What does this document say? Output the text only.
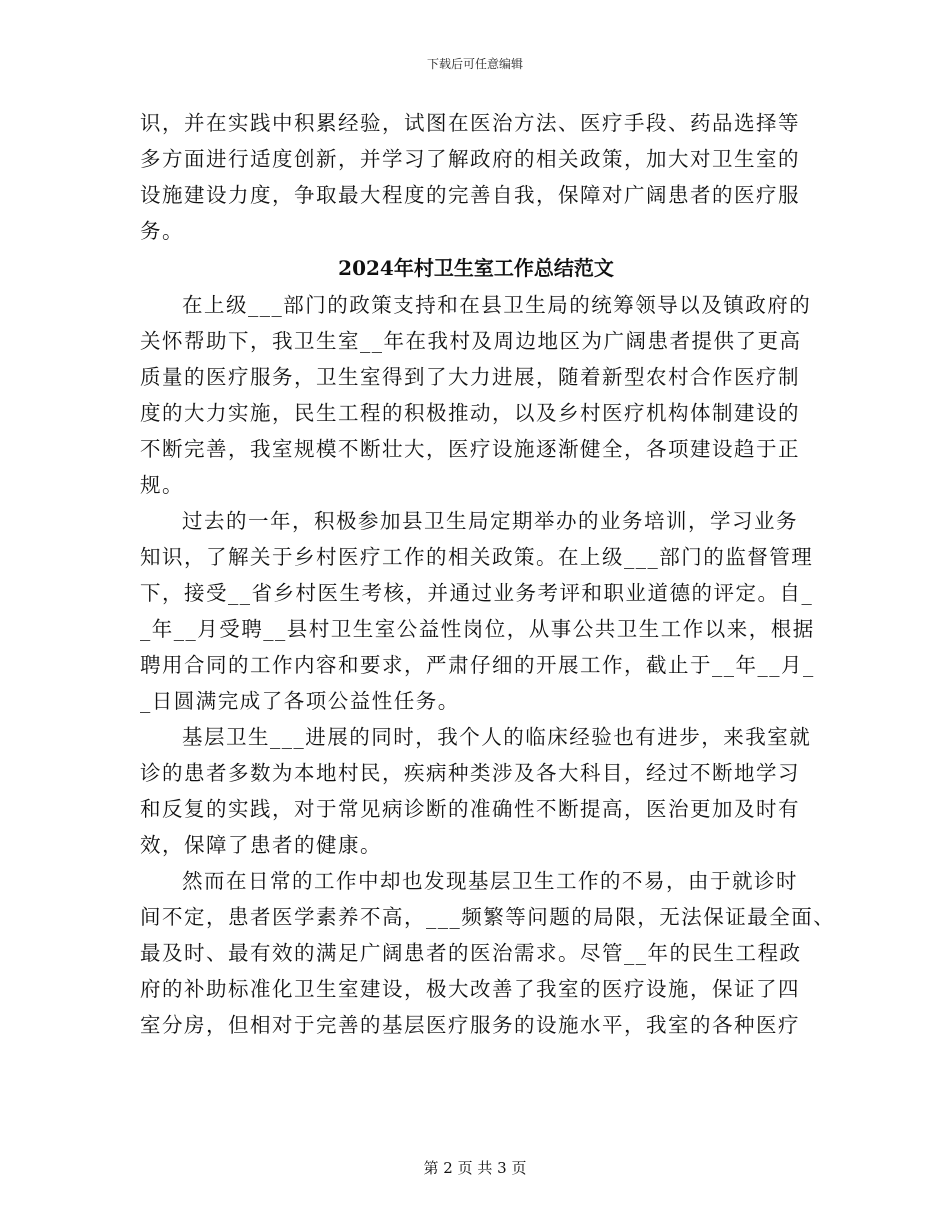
下载后可任意编辑
识，并在实践中积累经验，试图在医治方法、医疗手段、药品选择等
多方面进行适度创新，并学习了解政府的相关政策，加大对卫生室的
设施建设力度，争取最大程度的完善自我，保障对广阔患者的医疗服
务。
2024年村卫生室工作总结范文
在上级___部门的政策支持和在县卫生局的统筹领导以及镇政府的
关怀帮助下，我卫生室__年在我村及周边地区为广阔患者提供了更高
质量的医疗服务，卫生室得到了大力进展，随着新型农村合作医疗制
度的大力实施，民生工程的积极推动，以及乡村医疗机构体制建设的
不断完善，我室规模不断壮大，医疗设施逐渐健全，各项建设趋于正
规。
过去的一年，积极参加县卫生局定期举办的业务培训，学习业务
知识，了解关于乡村医疗工作的相关政策。在上级___部门的监督管理
下，接受__省乡村医生考核，并通过业务考评和职业道德的评定。自_
_年__月受聘__县村卫生室公益性岗位，从事公共卫生工作以来，根据
聘用合同的工作内容和要求，严肃仔细的开展工作，截止于__年__月_
_日圆满完成了各项公益性任务。
基层卫生___进展的同时，我个人的临床经验也有进步，来我室就
诊的患者多数为本地村民，疾病种类涉及各大科目，经过不断地学习
和反复的实践，对于常见病诊断的准确性不断提高，医治更加及时有
效，保障了患者的健康。
然而在日常的工作中却也发现基层卫生工作的不易，由于就诊时
间不定，患者医学素养不高，___频繁等问题的局限，无法保证最全面、
最及时、最有效的满足广阔患者的医治需求。尽管__年的民生工程政
府的补助标准化卫生室建设，极大改善了我室的医疗设施，保证了四
室分房，但相对于完善的基层医疗服务的设施水平，我室的各种医疗
第 2 页 共 3 页
